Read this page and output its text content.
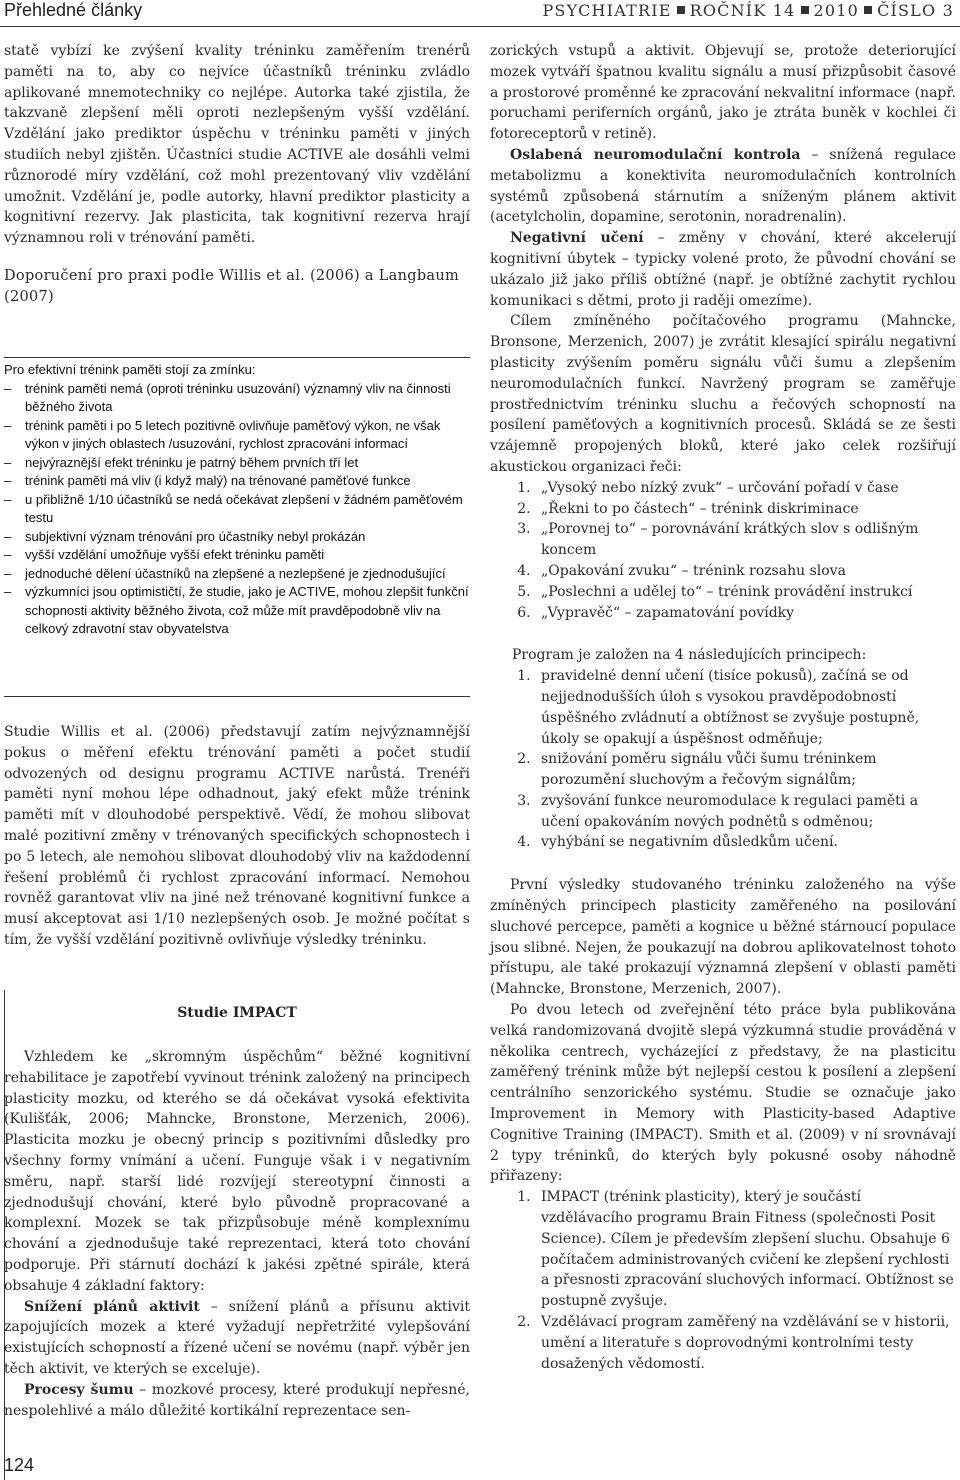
Přehledné články	PSYCHIATRIE ROČNÍK 14 2010 ČÍSLO 3

statě vybízí ke zvýšení kvality tréninku zaměřením trenérů paměti na to, aby co nejvíce účastníků tréninku zvládlo aplikované mnemotechniky co nejlépe. Autorka také zjistila, že takzvaně zlepšení měli oproti nezlepšeným vyšší vzdělání. Vzdělání jako prediktor úspěchu v tréninku paměti v jiných studiích nebyl zjištěn. Účastníci studie ACTIVE ale dosáhli velmi různorodé míry vzdělání, což mohl prezentovaný vliv vzdělání umožnit. Vzdělání je, podle autorky, hlavní prediktor plasticity a kognitivní rezervy. Jak plasticita, tak kognitivní rezerva hrají významnou roli v trénování paměti.

Doporučení pro praxi podle Willis et al. (2006) a Langbaum (2007)

Pro efektivní trénink paměti stojí za zmínku:
– trénink paměti nemá (oproti tréninku usuzování) významný vliv na činnosti běžného života
– trénink paměti i po 5 letech pozitivně ovlivňuje paměťový výkon, ne však výkon v jiných oblastech /usuzování, rychlost zpracování informací
– nejvýraznější efekt tréninku je patrný během prvních tří let
– trénink paměti má vliv (i když malý) na trénované paměťové funkce
– u přibližně 1/10 účastníků se nedá očekávat zlepšení v žádném paměťovém testu
– subjektivní význam trénování pro účastníky nebyl prokázán
– vyšší vzdělání umožňuje vyšší efekt tréninku paměti
– jednoduché dělení účastníků na zlepšené a nezlepšené je zjednodušující
– výzkumníci jsou optimističtí, že studie, jako je ACTIVE, mohou zlepšit funkční schopnosti aktivity běžného života, což může mít pravděpodobně vliv na celkový zdravotní stav obyvatelstva

Studie Willis et al. (2006) představují zatím nejvýznamnější pokus o měření efektu trénování paměti a počet studií odvozených od designu programu ACTIVE narůstá. Trenéři paměti nyní mohou lépe odhadnout, jaký efekt může trénink paměti mít v dlouhodobé perspektivě. Vědí, že mohou slibovat malé pozitivní změny v trénovaných specifických schopnostech i po 5 letech, ale nemohou slibovat dlouhodobý vliv na každodenní řešení problémů či rychlost zpracování informací. Nemohou rovněž garantovat vliv na jiné než trénované kognitivní funkce a musí akceptovat asi 1/10 nezlepšených osob. Je možné počítat s tím, že vyšší vzdělání pozitivně ovlivňuje výsledky tréninku.

Studie IMPACT

Vzhledem ke „skromným úspěchům“ běžné kognitivní rehabilitace je zapotřebí vyvinout trénink založený na principech plasticity mozku, od kterého se dá očekávat vysoká efektivita (Kulišťák, 2006; Mahncke, Bronstone, Merzenich, 2006). Plasticita mozku je obecný princip s pozitivními důsledky pro všechny formy vnímání a učení. Funguje však i v negativním směru, např. starší lidé rozvíjejí stereotypní činnosti a zjednodušují chování, které bylo původně propracované a komplexní. Mozek se tak přizpůsobuje méně komplexnímu chování a zjednodušuje také reprezentaci, která toto chování podporuje. Při stárnutí dochází k jakési zpětné spirále, která obsahuje 4 základní faktory:

Snížení plánů aktivit – snížení plánů a přísunu aktivit zapojujících mozek a které vyžadují nepřetržité vylepšování existujících schopností a řízené učení se novému (např. výběr jen těch aktivit, ve kterých se exceluje).

Procesy šumu – mozkové procesy, které produkují nepřesné, nespolehlivé a málo důležité kortikální reprezentace sen-

124

zorických vstupů a aktivit. Objevují se, protože deteriorující mozek vytváří špatnou kvalitu signálu a musí přizpůsobit časové a prostorové proměnné ke zpracování nekvalitní informace (např. poruchami periferních orgánů, jako je ztráta buněk v kochlei či fotoreceptorů v retině).

Oslabená neuromodulační kontrola – snížená regulace metabolizmu a konektivita neuromodulačních kontrolních systémů způsobená stárnutím a sníženým plánem aktivit (acetylcholin, dopamine, serotonin, noradrenalin).

Negativní učení – změny v chování, které akcelerují kognitivní úbytek – typicky volené proto, že původní chování se ukázalo již jako příliš obtížné (např. je obtížné zachytit rychlou komunikaci s dětmi, proto ji raději omezíme).

Cílem zmíněného počítačového programu (Mahncke, Bronsone, Merzenich, 2007) je zvrátit klesající spirálu negativní plasticity zvýšením poměru signálu vůči šumu a zlepšením neuromodulačních funkcí. Navržený program se zaměřuje prostřednictvím tréninku sluchu a řečových schopností na posílení paměťových a kognitivních procesů. Skládá se ze šesti vzájemně propojených bloků, které jako celek rozšiřují akustickou organizaci řeči:

1. „Vysoký nebo nízký zvuk“ – určování pořadí v čase
2. „Řekni to po částech“ – trénink diskriminace
3. „Porovnej to“ – porovnávání krátkých slov s odlišným koncem
4. „Opakování zvuku“ – trénink rozsahu slova
5. „Poslechni a udělej to“ – trénink provádění instrukcí
6. „Vypravěč“ – zapamatování povídky

Program je založen na 4 následujících principech:

1. pravidelné denní učení (tisíce pokusů), začíná se od nejjednodušších úloh s vysokou pravděpodobností úspěšného zvládnutí a obtížnost se zvyšuje postupně, úkoly se opakují a úspěšnost odměňuje;
2. snižování poměru signálu vůči šumu tréninkem porozumění sluchovým a řečovým signálům;
3. zvyšování funkce neuromodulace k regulaci paměti a učení opakováním nových podnětů s odměnou;
4. vyhýbání se negativním důsledkům učení.

První výsledky studovaného tréninku založeného na výše zmíněných principech plasticity zaměřeného na posilování sluchové percepce, paměti a kognice u běžné stárnoucí populace jsou slibné. Nejen, že poukazují na dobrou aplikovatelnost tohoto přístupu, ale také prokazují významná zlepšení v oblasti paměti (Mahncke, Bronstone, Merzenich, 2007).

Po dvou letech od zveřejnění této práce byla publikována velká randomizovaná dvojitě slepá výzkumná studie prováděná v několika centrech, vycházející z představy, že na plasticitu zaměřený trénink může být nejlepší cestou k posílení a zlepšení centrálního senzorického systému. Studie se označuje jako Improvement in Memory with Plasticity-based Adaptive Cognitive Training (IMPACT). Smith et al. (2009) v ní srovnávají 2 typy tréninků, do kterých byly pokusné osoby náhodně přiřazeny:

1. IMPACT (trénink plasticity), který je součástí vzdělávacího programu Brain Fitness (společnosti Posit Science). Cílem je především zlepšení sluchu. Obsahuje 6 počítačem administrovaných cvičení ke zlepšení rychlosti a přesnosti zpracování sluchových informací. Obtížnost se postupně zvyšuje.
2. Vzdělávací program zaměřený na vzdělávání se v historii, umění a literatuře s doprovodnými kontrolními testy dosažených vědomostí.
